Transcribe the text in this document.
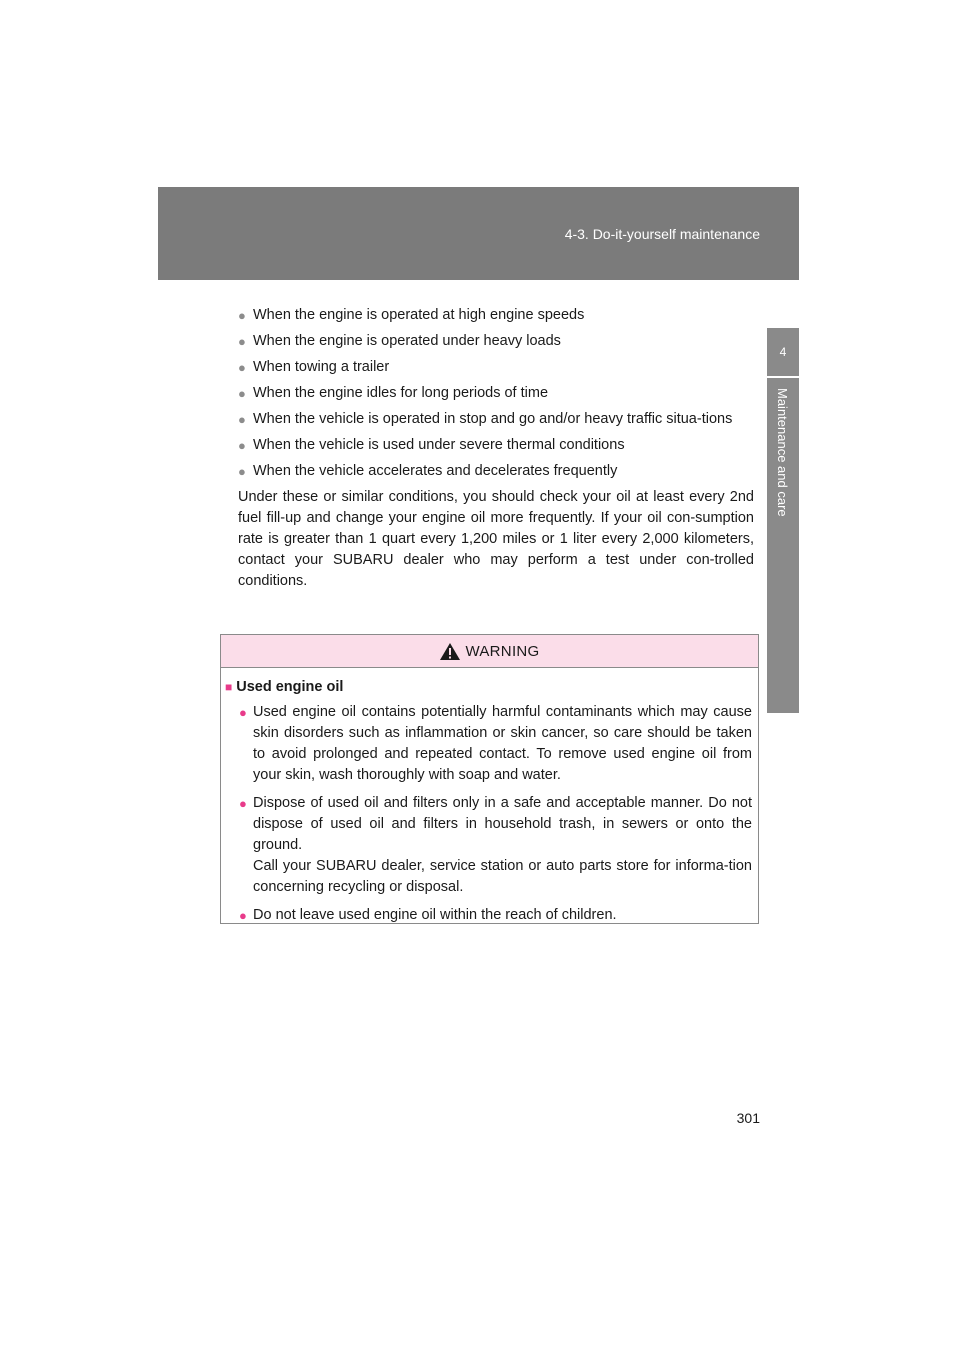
4-3. Do-it-yourself maintenance
4
Maintenance and care
● When the engine is operated at high engine speeds
● When the engine is operated under heavy loads
● When towing a trailer
● When the engine idles for long periods of time
● When the vehicle is operated in stop and go and/or heavy traffic situa-tions
● When the vehicle is used under severe thermal conditions
● When the vehicle accelerates and decelerates frequently

Under these or similar conditions, you should check your oil at least every 2nd fuel fill-up and change your engine oil more frequently. If your oil con-sumption rate is greater than 1 quart every 1,200 miles or 1 liter every 2,000 kilometers, contact your SUBARU dealer who may perform a test under con-trolled conditions.

WARNING
■ Used engine oil
● Used engine oil contains potentially harmful contaminants which may cause skin disorders such as inflammation or skin cancer, so care should be taken to avoid prolonged and repeated contact. To remove used engine oil from your skin, wash thoroughly with soap and water.
● Dispose of used oil and filters only in a safe and acceptable manner. Do not dispose of used oil and filters in household trash, in sewers or onto the ground.
Call your SUBARU dealer, service station or auto parts store for informa-tion concerning recycling or disposal.
● Do not leave used engine oil within the reach of children.
301
